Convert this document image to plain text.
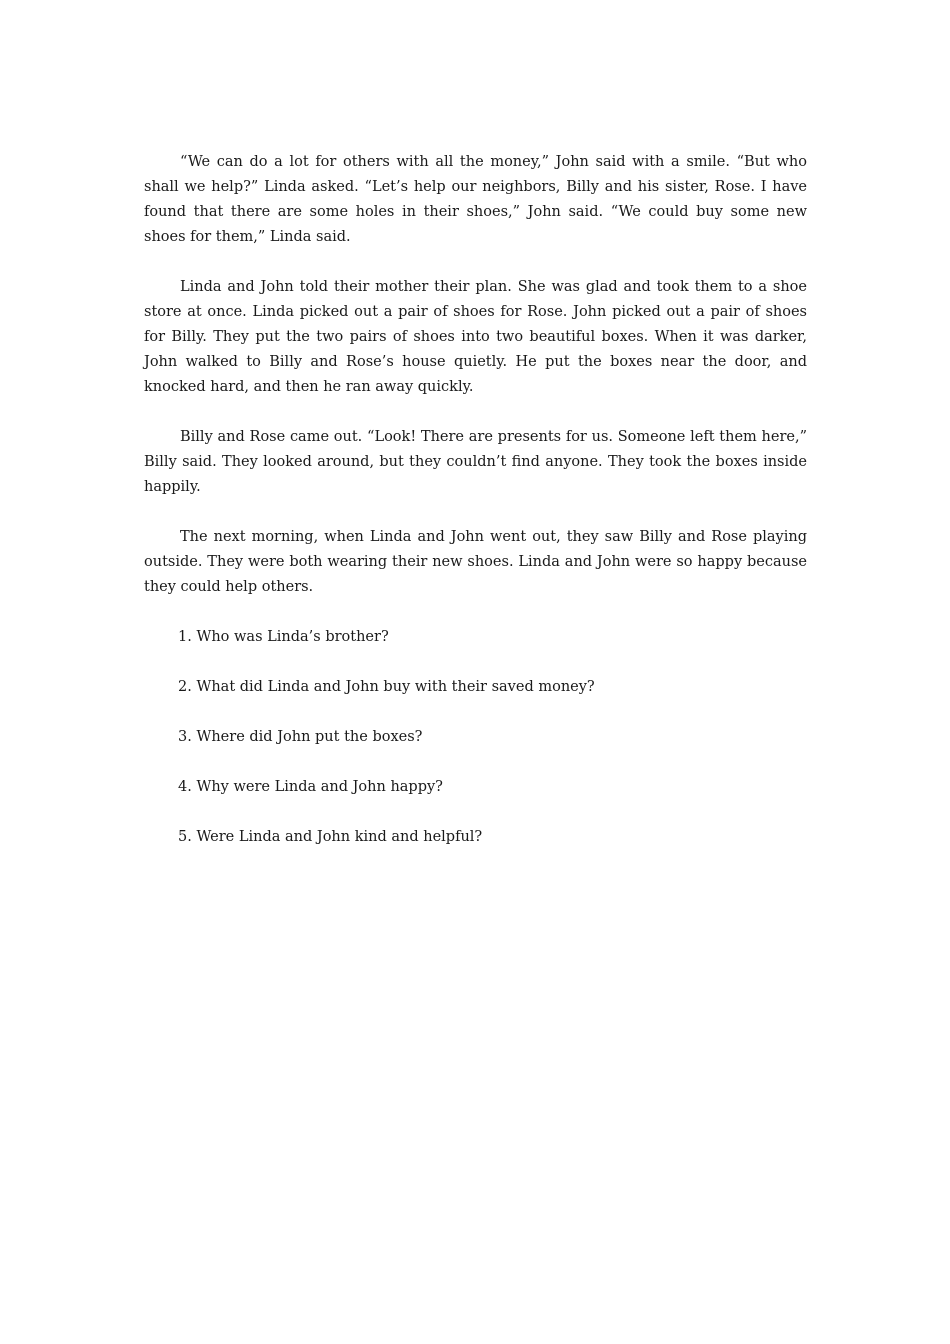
“We can do a lot for others with all the money,” John said with a smile. “But who shall we help?” Linda asked. “Let’s help our neighbors, Billy and his sister, Rose. I have found that there are some holes in their shoes,” John said. “We could buy some new shoes for them,” Linda said.

Linda and John told their mother their plan. She was glad and took them to a shoe store at once. Linda picked out a pair of shoes for Rose. John picked out a pair of shoes for Billy. They put the two pairs of shoes into two beautiful boxes. When it was darker, John walked to Billy and Rose’s house quietly. He put the boxes near the door, and knocked hard, and then he ran away quickly.

Billy and Rose came out. “Look! There are presents for us. Someone left them here,” Billy said. They looked around, but they couldn’t find anyone. They took the boxes inside happily.

The next morning, when Linda and John went out, they saw Billy and Rose playing outside. They were both wearing their new shoes. Linda and John were so happy because they could help others.

1. Who was Linda’s brother?
2. What did Linda and John buy with their saved money?
3. Where did John put the boxes?
4. Why were Linda and John happy?
5. Were Linda and John kind and helpful?
